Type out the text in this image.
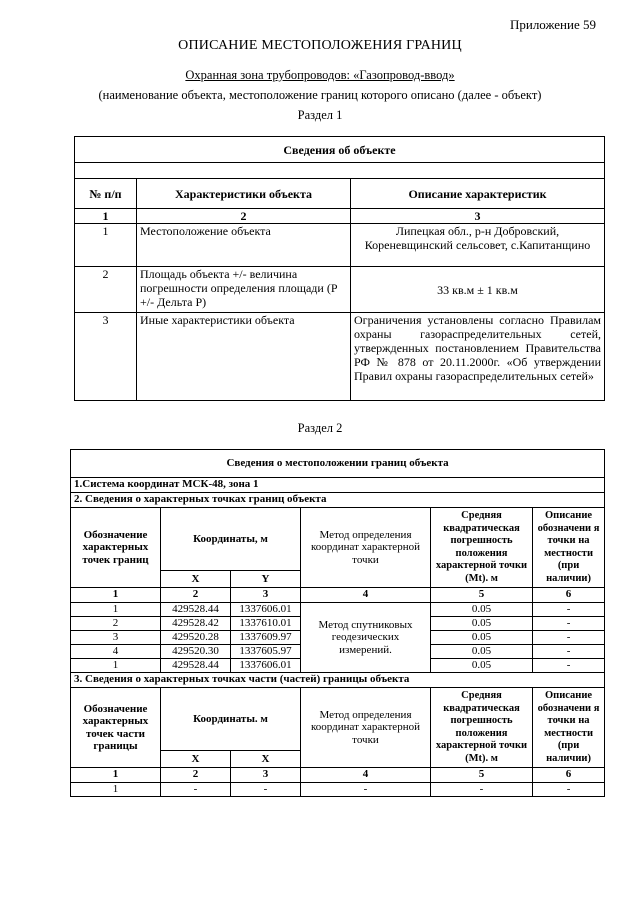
Приложение 59
ОПИСАНИЕ МЕСТОПОЛОЖЕНИЯ ГРАНИЦ
Охранная зона трубопроводов: «Газопровод-ввод»
(наименование объекта, местоположение границ которого описано (далее - объект)
Раздел 1
Сведения об объекте		

№ п/п	Характеристики объекта	Описание характеристик
1	2	3
1	Местоположение объекта	Липецкая обл., р-н Добровский, Кореневщинский сельсовет, с.Капитанщино
2	Площадь объекта +/- величина погрешности определения площади (P +/- Дельта P)	33 кв.м ± 1 кв.м
3	Иные характеристики объекта	Ограничения установлены согласно Правилам охраны газораспределительных сетей, утвержденных постановлением Правительства РФ № 878 от 20.11.2000г. «Об утверждении Правил охраны газораспределительных сетей»
Раздел 2
Сведения о местоположении границ объекта					
1.Система координат МСК-48, зона 1					
2. Сведения о характерных точках границ объекта					
Обозначение характерных точек границ	Координаты, м		Метод определения координат характерной точки	Средняя квадратическая погрешность положения характерной точки (Mt). м	Описание обозначени я точки на местности (при наличии)
	X	Y			
1	2	3	4	5	6
1	429528.44	1337606.01	Метод спутниковых геодезических измерений.	0.05	-
2	429528.42	1337610.01		0.05	-
3	429520.28	1337609.97		0.05	-
4	429520.30	1337605.97		0.05	-
1	429528.44	1337606.01		0.05	-
3. Сведения о характерных точках части (частей) границы объекта					
Обозначение характерных точек части границы	Координаты. м		Метод определения координат характерной точки	Средняя квадратическая погрешность положения характерной точки (Mt). м	Описание обозначени я точки на местности (при наличии)
	X	X			
1	2	3	4	5	6
1	-	-	-	-	-
